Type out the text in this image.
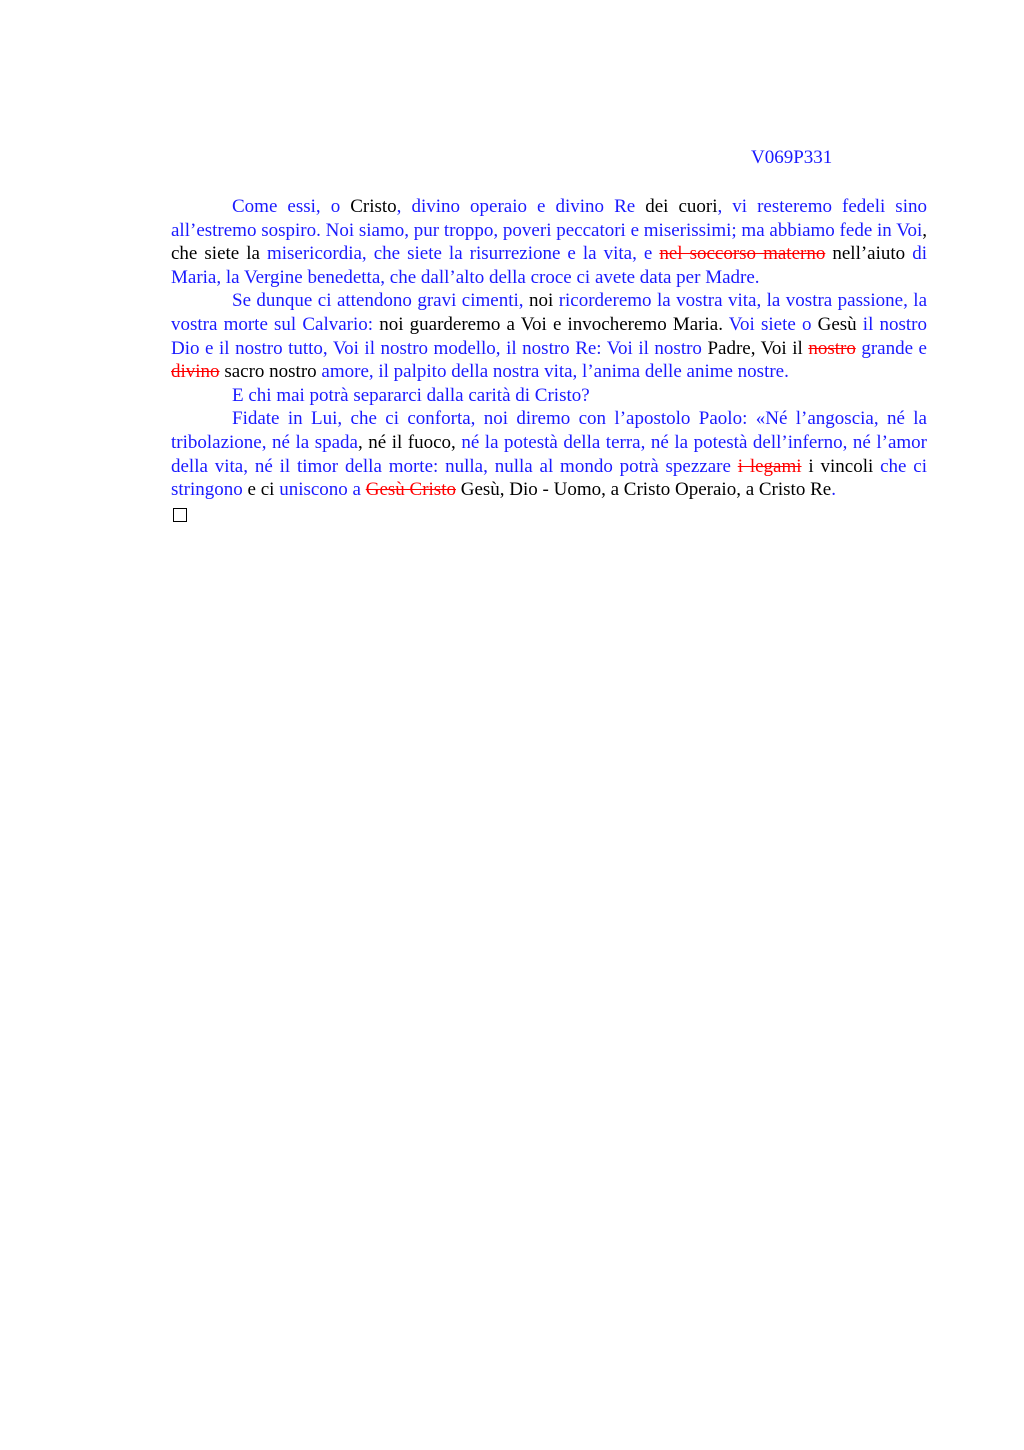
V069P331

Come essi, o Cristo, divino operaio e divino Re dei cuori, vi resteremo fedeli sino all’estremo sospiro. Noi siamo, pur troppo, poveri peccatori e miserissimi; ma abbiamo fede in Voi, che siete la misericordia, che siete la risurrezione e la vita, e nel soccorso materno nell’aiuto di Maria, la Vergine benedetta, che dall’alto della croce ci avete data per Madre.

Se dunque ci attendono gravi cimenti, noi ricorderemo la vostra vita, la vostra passione, la vostra morte sul Calvario: noi guarderemo a Voi e invocheremo Maria. Voi siete o Gesù il nostro Dio e il nostro tutto, Voi il nostro modello, il nostro Re: Voi il nostro Padre, Voi il nostro grande e divino sacro nostro amore, il palpito della nostra vita, l’anima delle anime nostre.

E chi mai potrà separarci dalla carità di Cristo?

Fidate in Lui, che ci conforta, noi diremo con l’apostolo Paolo: «Né l’angoscia, né la tribolazione, né la spada, né il fuoco, né la potestà della terra, né la potestà dell’inferno, né l’amor della vita, né il timor della morte: nulla, nulla al mondo potrà spezzare i legami i vincoli che ci stringono e ci uniscono a Gesù Cristo Gesù, Dio - Uomo, a Cristo Operaio, a Cristo Re.
